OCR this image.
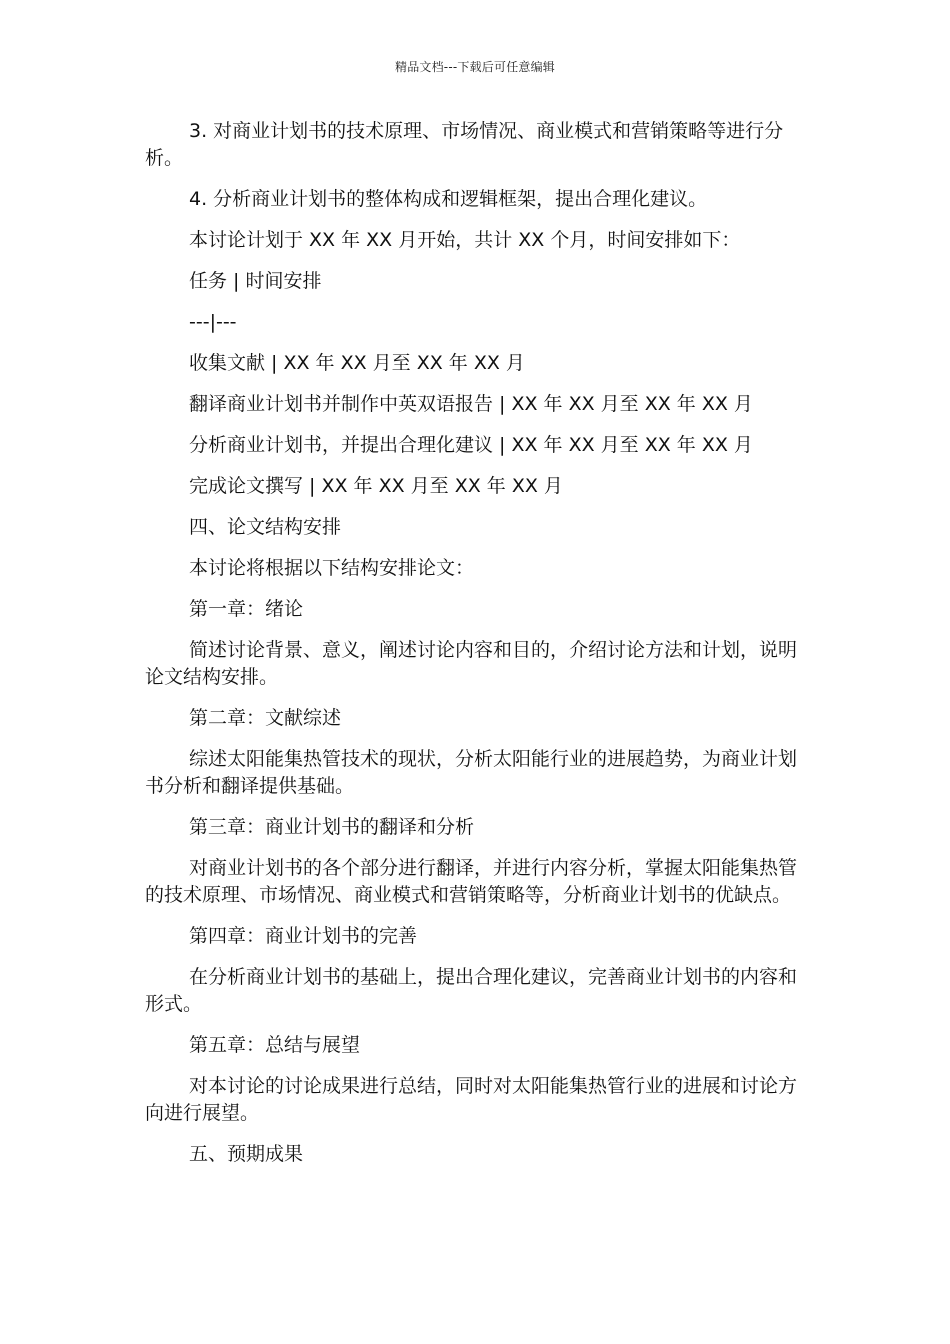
精品文档---下载后可任意编辑

3. 对商业计划书的技术原理、市场情况、商业模式和营销策略等进行分析。

4. 分析商业计划书的整体构成和逻辑框架，提出合理化建议。

本讨论计划于 XX 年 XX 月开始，共计 XX 个月，时间安排如下：

任务 | 时间安排

---|---

收集文献 | XX 年 XX 月至 XX 年 XX 月

翻译商业计划书并制作中英双语报告 | XX 年 XX 月至 XX 年 XX 月

分析商业计划书，并提出合理化建议 | XX 年 XX 月至 XX 年 XX 月

完成论文撰写 | XX 年 XX 月至 XX 年 XX 月

四、论文结构安排

本讨论将根据以下结构安排论文：

第一章：绪论

简述讨论背景、意义，阐述讨论内容和目的，介绍讨论方法和计划，说明论文结构安排。

第二章：文献综述

综述太阳能集热管技术的现状，分析太阳能行业的进展趋势，为商业计划书分析和翻译提供基础。

第三章：商业计划书的翻译和分析

对商业计划书的各个部分进行翻译，并进行内容分析，掌握太阳能集热管的技术原理、市场情况、商业模式和营销策略等，分析商业计划书的优缺点。

第四章：商业计划书的完善

在分析商业计划书的基础上，提出合理化建议，完善商业计划书的内容和形式。

第五章：总结与展望

对本讨论的讨论成果进行总结，同时对太阳能集热管行业的进展和讨论方向进行展望。

五、预期成果
